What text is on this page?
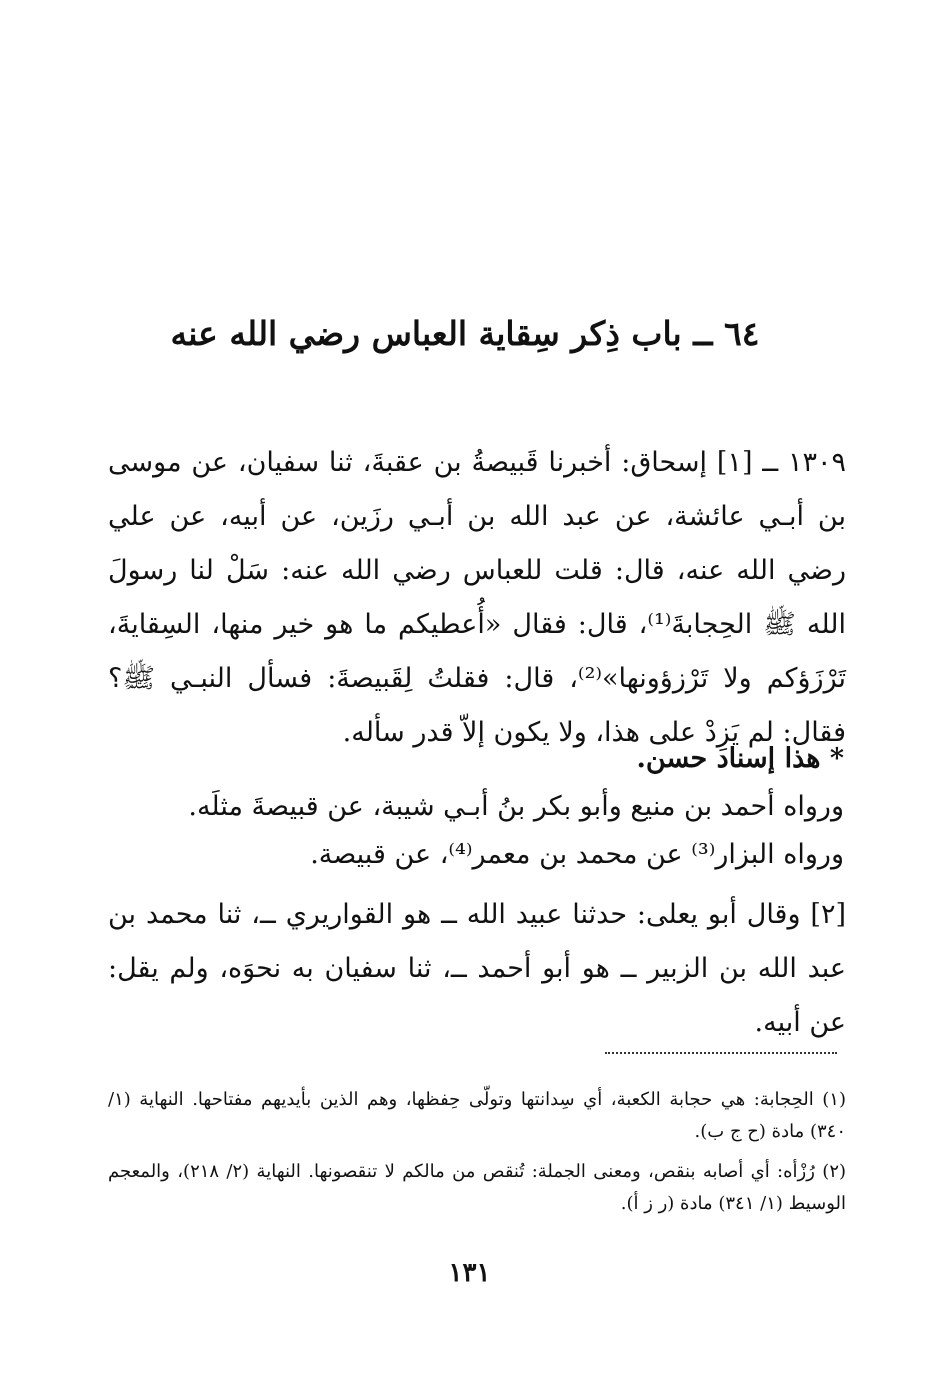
٦٤ ــ باب ذِكر سِقاية العباس رضي الله عنه
١٣٠٩ ــ [١] إسحاق: أخبرنا قَبيصةُ بن عقبةَ، ثنا سفيان، عن موسى بن أبـي عائشة، عن عبد الله بن أبـي رزَين، عن أبيه، عن علي رضي الله عنه، قال: قلت للعباس رضي الله عنه: سَلْ لنا رسولَ الله ﷺ الحِجابةَ⁽¹⁾، قال: فقال «أُعطيكم ما هو خير منها، السِقايةَ، تَرْزَؤكم ولا تَرْزؤونها»⁽²⁾، قال: فقلتُ لِقَبيصةَ: فسأل النبـي ﷺ؟ فقال: لم يَزِدْ على هذا، ولا يكون إلاّ قدر سأله.
* هذا إسناد حسن.
ورواه أحمد بن منيع وأبو بكر بنُ أبـي شيبة، عن قبيصةَ مثلَه.
ورواه البزار⁽³⁾ عن محمد بن معمر⁽⁴⁾، عن قبيصة.
[٢] وقال أبو يعلى: حدثنا عبيد الله ــ هو القواريري ــ، ثنا محمد بن عبد الله بن الزبير ــ هو أبو أحمد ــ، ثنا سفيان به نحوَه، ولم يقل: عن أبيه.
(١) الحِجابة: هي حجابة الكعبة، أي سِدانتها وتولّى حِفظها، وهم الذين بأيديهم مفتاحها. النهاية (١/ ٣٤٠) مادة (ح ج ب).
(٢) رُزْأه: أي أصابه بنقص، ومعنى الجملة: تُنقص من مالكم لا تنقصونها. النهاية (٢/ ٢١٨)، والمعجم الوسيط (١/ ٣٤١) مادة (ر ز أ).
١٣١
